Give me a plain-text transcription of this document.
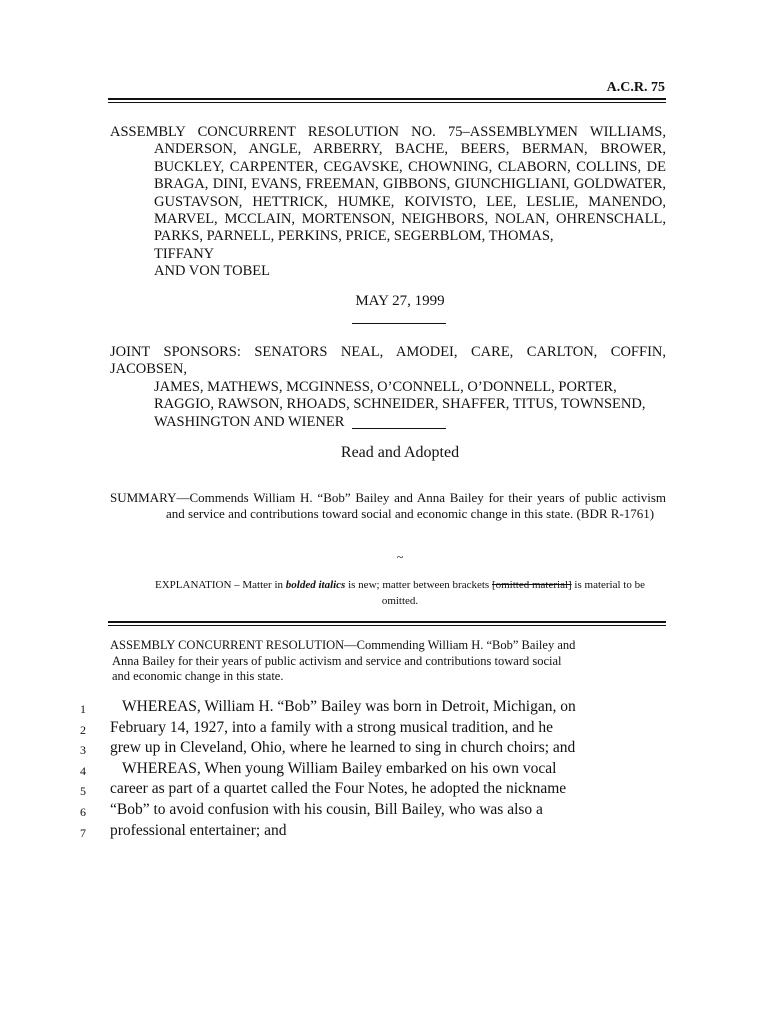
A.C.R. 75
ASSEMBLY CONCURRENT RESOLUTION NO. 75–ASSEMBLYMEN WILLIAMS, ANDERSON, ANGLE, ARBERRY, BACHE, BEERS, BERMAN, BROWER, BUCKLEY, CARPENTER, CEGAVSKE, CHOWNING, CLABORN, COLLINS, DE BRAGA, DINI, EVANS, FREEMAN, GIBBONS, GIUNCHIGLIANI, GOLDWATER, GUSTAVSON, HETTRICK, HUMKE, KOIVISTO, LEE, LESLIE, MANENDO, MARVEL, MCCLAIN, MORTENSON, NEIGHBORS, NOLAN, OHRENSCHALL, PARKS, PARNELL, PERKINS, PRICE, SEGERBLOM, THOMAS,
TIFFANY
AND VON TOBEL
MAY 27, 1999
JOINT SPONSORS: SENATORS NEAL, AMODEI, CARE, CARLTON, COFFIN, JACOBSEN,
JAMES, MATHEWS, MCGINNESS, O’CONNELL, O’DONNELL, PORTER,
RAGGIO, RAWSON, RHOADS, SCHNEIDER, SHAFFER, TITUS, TOWNSEND,
WASHINGTON AND WIENER
Read and Adopted
SUMMARY—Commends William H. “Bob” Bailey and Anna Bailey for their years of public activism and service and contributions toward social and economic change in this state. (BDR R-1761)
~
EXPLANATION – Matter in bolded italics is new; matter between brackets [omitted material] is material to be
omitted.
ASSEMBLY CONCURRENT RESOLUTION—Commending William H. “Bob” Bailey and
Anna Bailey for their years of public activism and service and contributions toward social
and economic change in this state.
1	WHEREAS, William H. “Bob” Bailey was born in Detroit, Michigan, on
2	February 14, 1927, into a family with a strong musical tradition, and he
3	grew up in Cleveland, Ohio, where he learned to sing in church choirs; and
4	WHEREAS, When young William Bailey embarked on his own vocal
5	career as part of a quartet called the Four Notes, he adopted the nickname
6	“Bob” to avoid confusion with his cousin, Bill Bailey, who was also a
7	professional entertainer; and
